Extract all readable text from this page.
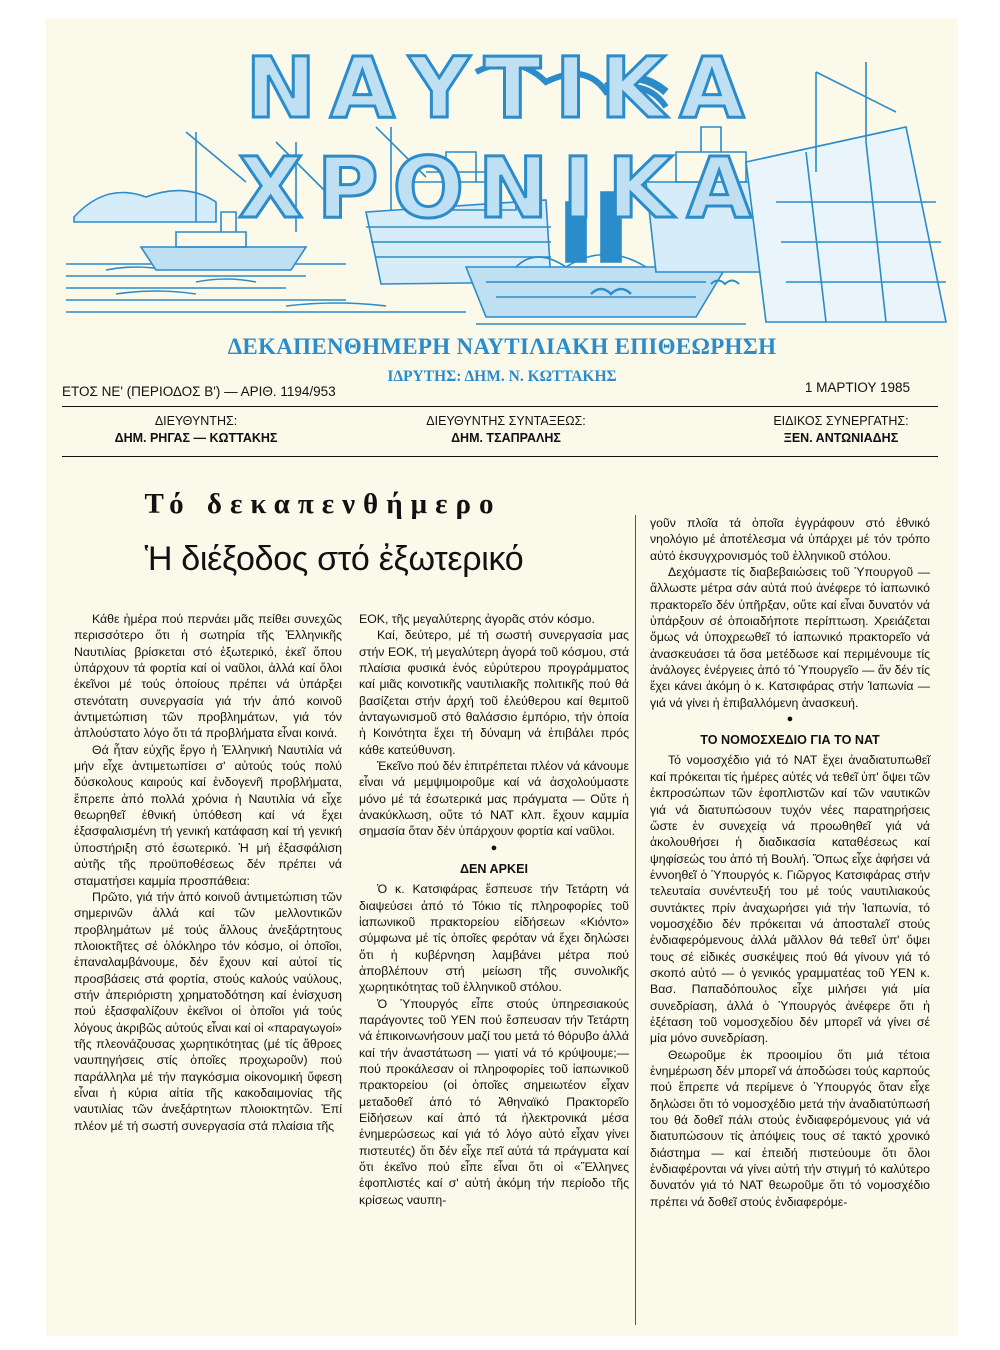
ΝΑΥΤΙΚΑ ΧΡΟΝΙΚΑ
ΔΕΚΑΠΕΝΘΗΜΕΡΗ ΝΑΥΤΙΛΙΑΚΗ ΕΠΙΘΕΩΡΗΣΗ
ΙΔΡΥΤΗΣ: ΔΗΜ. Ν. ΚΩΤΤΑΚΗΣ
ΕΤΟΣ ΝΕ' (ΠΕΡΙΟΔΟΣ Β') — ΑΡΙΘ. 1194/953	1 ΜΑΡΤΙΟΥ 1985
ΔΙΕΥΘΥΝΤΗΣ:
ΔΗΜ. ΡΗΓΑΣ — ΚΩΤΤΑΚΗΣ
ΔΙΕΥΘΥΝΤΗΣ ΣΥΝΤΑΞΕΩΣ:
ΔΗΜ. ΤΣΑΠΡΑΛΗΣ
ΕΙΔΙΚΟΣ ΣΥΝΕΡΓΑΤΗΣ:
ΞΕΝ. ΑΝΤΩΝΙΑΔΗΣ
Τό δεκαπενθήμερο
Ἡ διέξοδος στό ἐξωτερικό

Κάθε ἡμέρα πού περνάει μᾶς πείθει συνεχῶς περισσότερο ὅτι ἡ σωτηρία τῆς Ἑλληνικῆς Ναυτιλίας βρίσκεται στό ἐξωτερικό, ἐκεῖ ὅπου ὑπάρχουν τά φορτία καί οἱ ναῦλοι, ἀλλά καί ὅλοι ἐκεῖνοι μέ τούς ὁποίους πρέπει νά ὑπάρξει στενότατη συνεργασία γιά τήν ἀπό κοινοῦ ἀντιμετώπιση τῶν προβλημάτων, γιά τόν ἁπλούστατο λόγο ὅτι τά προβλήματα εἶναι κοινά.

Θά ἦταν εὐχῆς ἔργο ἡ Ἑλληνική Ναυτιλία νά μήν εἶχε ἀντιμετωπίσει σ' αὐτούς τούς πολύ δύσκολους καιρούς καί ἐνδογενῆ προβλήματα, ἔπρεπε ἀπό πολλά χρόνια ἡ Ναυτιλία νά εἶχε θεωρηθεῖ ἐθνική ὑπόθεση καί νά ἔχει ἐξασφαλισμένη τή γενική κατάφαση καί τή γενική ὑποστήριξη στό ἐσωτερικό. Ἡ μή ἐξασφάλιση αὐτῆς τῆς προϋποθέσεως δέν πρέπει νά σταματήσει καμμία προσπάθεια:

Πρῶτο, γιά τήν ἀπό κοινοῦ ἀντιμετώπιση τῶν σημερινῶν ἀλλά καί τῶν μελλοντικῶν προβλημάτων μέ τούς ἄλλους ἀνεξάρτητους πλοιοκτῆτες σέ ὁλόκληρο τόν κόσμο, οἱ ὁποῖοι, ἐπαναλαμβάνουμε, δέν ἔχουν καί αὐτοί τίς προσβάσεις στά φορτία, στούς καλούς ναύλους, στήν ἀπεριόριστη χρηματοδότηση καί ἐνίσχυση πού ἐξασφαλίζουν ἐκεῖνοι οἱ ὁποῖοι γιά τούς λόγους ἀκριβῶς αὐτούς εἶναι καί οἱ «παραγωγοί» τῆς πλεονάζουσας χωρητικότητας (μέ τίς ἄθροες ναυπηγήσεις στίς ὁποῖες προχωροῦν) πού παράλληλα μέ τήν παγκόσμια οἰκονομική ὕφεση εἶναι ἡ κύρια αἰτία τῆς κακοδαιμονίας τῆς ναυτιλίας τῶν ἀνεξάρτητων πλοιοκτητῶν. Ἐπί πλέον μέ τή σωστή συνεργασία στά πλαίσια τῆς

ΕΟΚ, τῆς μεγαλύτερης ἀγορᾶς στόν κόσμο.

Καί, δεύτερο, μέ τή σωστή συνεργασία μας στήν ΕΟΚ, τή μεγαλύτερη ἀγορά τοῦ κόσμου, στά πλαίσια φυσικά ἑνός εὐρύτερου προγράμματος καί μιᾶς κοινοτικῆς ναυτιλιακῆς πολιτικῆς πού θά βασίζεται στήν ἀρχή τοῦ ἐλεύθερου καί θεμιτοῦ ἀνταγωνισμοῦ στό θαλάσσιο ἐμπόριο, τήν ὁποία ἡ Κοινότητα ἔχει τή δύναμη νά ἐπιβάλει πρός κάθε κατεύθυνση.

Ἐκεῖνο πού δέν ἐπιτρέπεται πλέον νά κάνουμε εἶναι νά μεμψιμοιροῦμε καί νά ἀσχολούμαστε μόνο μέ τά ἐσωτερικά μας πράγματα — Οὔτε ἡ ἀνακύκλωση, οὔτε τό ΝΑΤ κλπ. ἔχουν καμμία σημασία ὅταν δέν ὑπάρχουν φορτία καί ναῦλοι.

●
ΔΕΝ ΑΡΚΕΙ

Ὁ κ. Κατσιφάρας ἔσπευσε τήν Τετάρτη νά διαψεύσει ἀπό τό Τόκιο τίς πληροφορίες τοῦ ἰαπωνικοῦ πρακτορείου εἰδήσεων «Κιόντο» σύμφωνα μέ τίς ὁποῖες φερόταν νά ἔχει δηλώσει ὅτι ἡ κυβέρνηση λαμβάνει μέτρα πού ἀποβλέπουν στή μείωση τῆς συνολικῆς χωρητικότητας τοῦ ἑλληνικοῦ στόλου.

Ὁ Ὑπουργός εἶπε στούς ὑπηρεσιακούς παράγοντες τοῦ ΥΕΝ πού ἔσπευσαν τήν Τετάρτη νά ἐπικοινωνήσουν μαζί του μετά τό θόρυβο ἀλλά καί τήν ἀναστάτωση — γιατί νά τό κρύψουμε;— πού προκάλεσαν οἱ πληροφορίες τοῦ ἰαπωνικοῦ πρακτορείου (οἱ ὁποῖες σημειωτέον εἶχαν μεταδοθεῖ ἀπό τό Ἀθηναϊκό Πρακτορεῖο Εἰδήσεων καί ἀπό τά ἠλεκτρονικά μέσα ἐνημερώσεως καί γιά τό λόγο αὐτό εἶχαν γίνει πιστευτές) ὅτι δέν εἶχε πεῖ αὐτά τά πράγματα καί ὅτι ἐκεῖνο πού εἶπε εἶναι ὅτι οἱ «Ἕλληνες ἐφοπλιστές καί σ' αὐτή ἀκόμη τήν περίοδο τῆς κρίσεως ναυπη-

γοῦν πλοῖα τά ὁποῖα ἐγγράφουν στό ἐθνικό νηολόγιο μέ ἀποτέλεσμα νά ὑπάρχει μέ τόν τρόπο αὐτό ἐκσυγχρονισμός τοῦ ἑλληνικοῦ στόλου.

Δεχόμαστε τίς διαβεβαιώσεις τοῦ Ὑπουργοῦ — ἄλλωστε μέτρα σάν αὐτά πού ἀνέφερε τό ἰαπωνικό πρακτορεῖο δέν ὑπῆρξαν, οὔτε καί εἶναι δυνατόν νά ὑπάρξουν σέ ὁποιαδήποτε περίπτωση. Χρειάζεται ὅμως νά ὑποχρεωθεῖ τό ἰαπωνικό πρακτορεῖο νά ἀνασκευάσει τά ὅσα μετέδωσε καί περιμένουμε τίς ἀνάλογες ἐνέργειες ἀπό τό Ὑπουργεῖο — ἄν δέν τίς ἔχει κάνει ἀκόμη ὁ κ. Κατσιφάρας στήν Ἰαπωνία — γιά νά γίνει ἡ ἐπιβαλλόμενη ἀνασκευή.

●
ΤΟ ΝΟΜΟΣΧΕΔΙΟ ΓΙΑ ΤΟ ΝΑΤ

Τό νομοσχέδιο γιά τό ΝΑΤ ἔχει ἀναδιατυπωθεῖ καί πρόκειται τίς ἡμέρες αὐτές νά τεθεῖ ὑπ' ὄψει τῶν ἐκπροσώπων τῶν ἐφοπλιστῶν καί τῶν ναυτικῶν γιά νά διατυπώσουν τυχόν νέες παρατηρήσεις ὥστε ἐν συνεχείᾳ νά προωθηθεῖ γιά νά ἀκολουθήσει ἡ διαδικασία καταθέσεως καί ψηφίσεώς του ἀπό τή Βουλή. Ὅπως εἶχε ἀφήσει νά ἐννοηθεῖ ὁ Ὑπουργός κ. Γιῶργος Κατσιφάρας στήν τελευταία συνέντευξή του μέ τούς ναυτιλιακούς συντάκτες πρίν ἀναχωρήσει γιά τήν Ἰαπωνία, τό νομοσχέδιο δέν πρόκειται νά ἀποσταλεῖ στούς ἐνδιαφερόμενους ἀλλά μᾶλλον θά τεθεῖ ὑπ' ὄψει τους σέ εἰδικές συσκέψεις πού θά γίνουν γιά τό σκοπό αὐτό — ὁ γενικός γραμματέας τοῦ ΥΕΝ κ. Βασ. Παπαδόπουλος εἶχε μιλήσει γιά μία συνεδρίαση, ἀλλά ὁ Ὑπουργός ἀνέφερε ὅτι ἡ ἐξέταση τοῦ νομοσχεδίου δέν μπορεῖ νά γίνει σέ μία μόνο συνεδρίαση.

Θεωροῦμε ἐκ προοιμίου ὅτι μιά τέτοια ἐνημέρωση δέν μπορεῖ νά ἀποδώσει τούς καρπούς πού ἔπρεπε νά περίμενε ὁ Ὑπουργός ὅταν εἶχε δηλώσει ὅτι τό νομοσχέδιο μετά τήν ἀναδιατύπωσή του θά δοθεῖ πάλι στούς ἐνδιαφερόμενους γιά νά διατυπώσουν τίς ἀπόψεις τους σέ τακτό χρονικό διάστημα — καί ἐπειδή πιστεύουμε ὅτι ὅλοι ἐνδιαφέρονται νά γίνει αὐτή τήν στιγμή τό καλύτερο δυνατόν γιά τό ΝΑΤ θεωροῦμε ὅτι τό νομοσχέδιο πρέπει νά δοθεῖ στούς ἐνδιαφερόμε-
